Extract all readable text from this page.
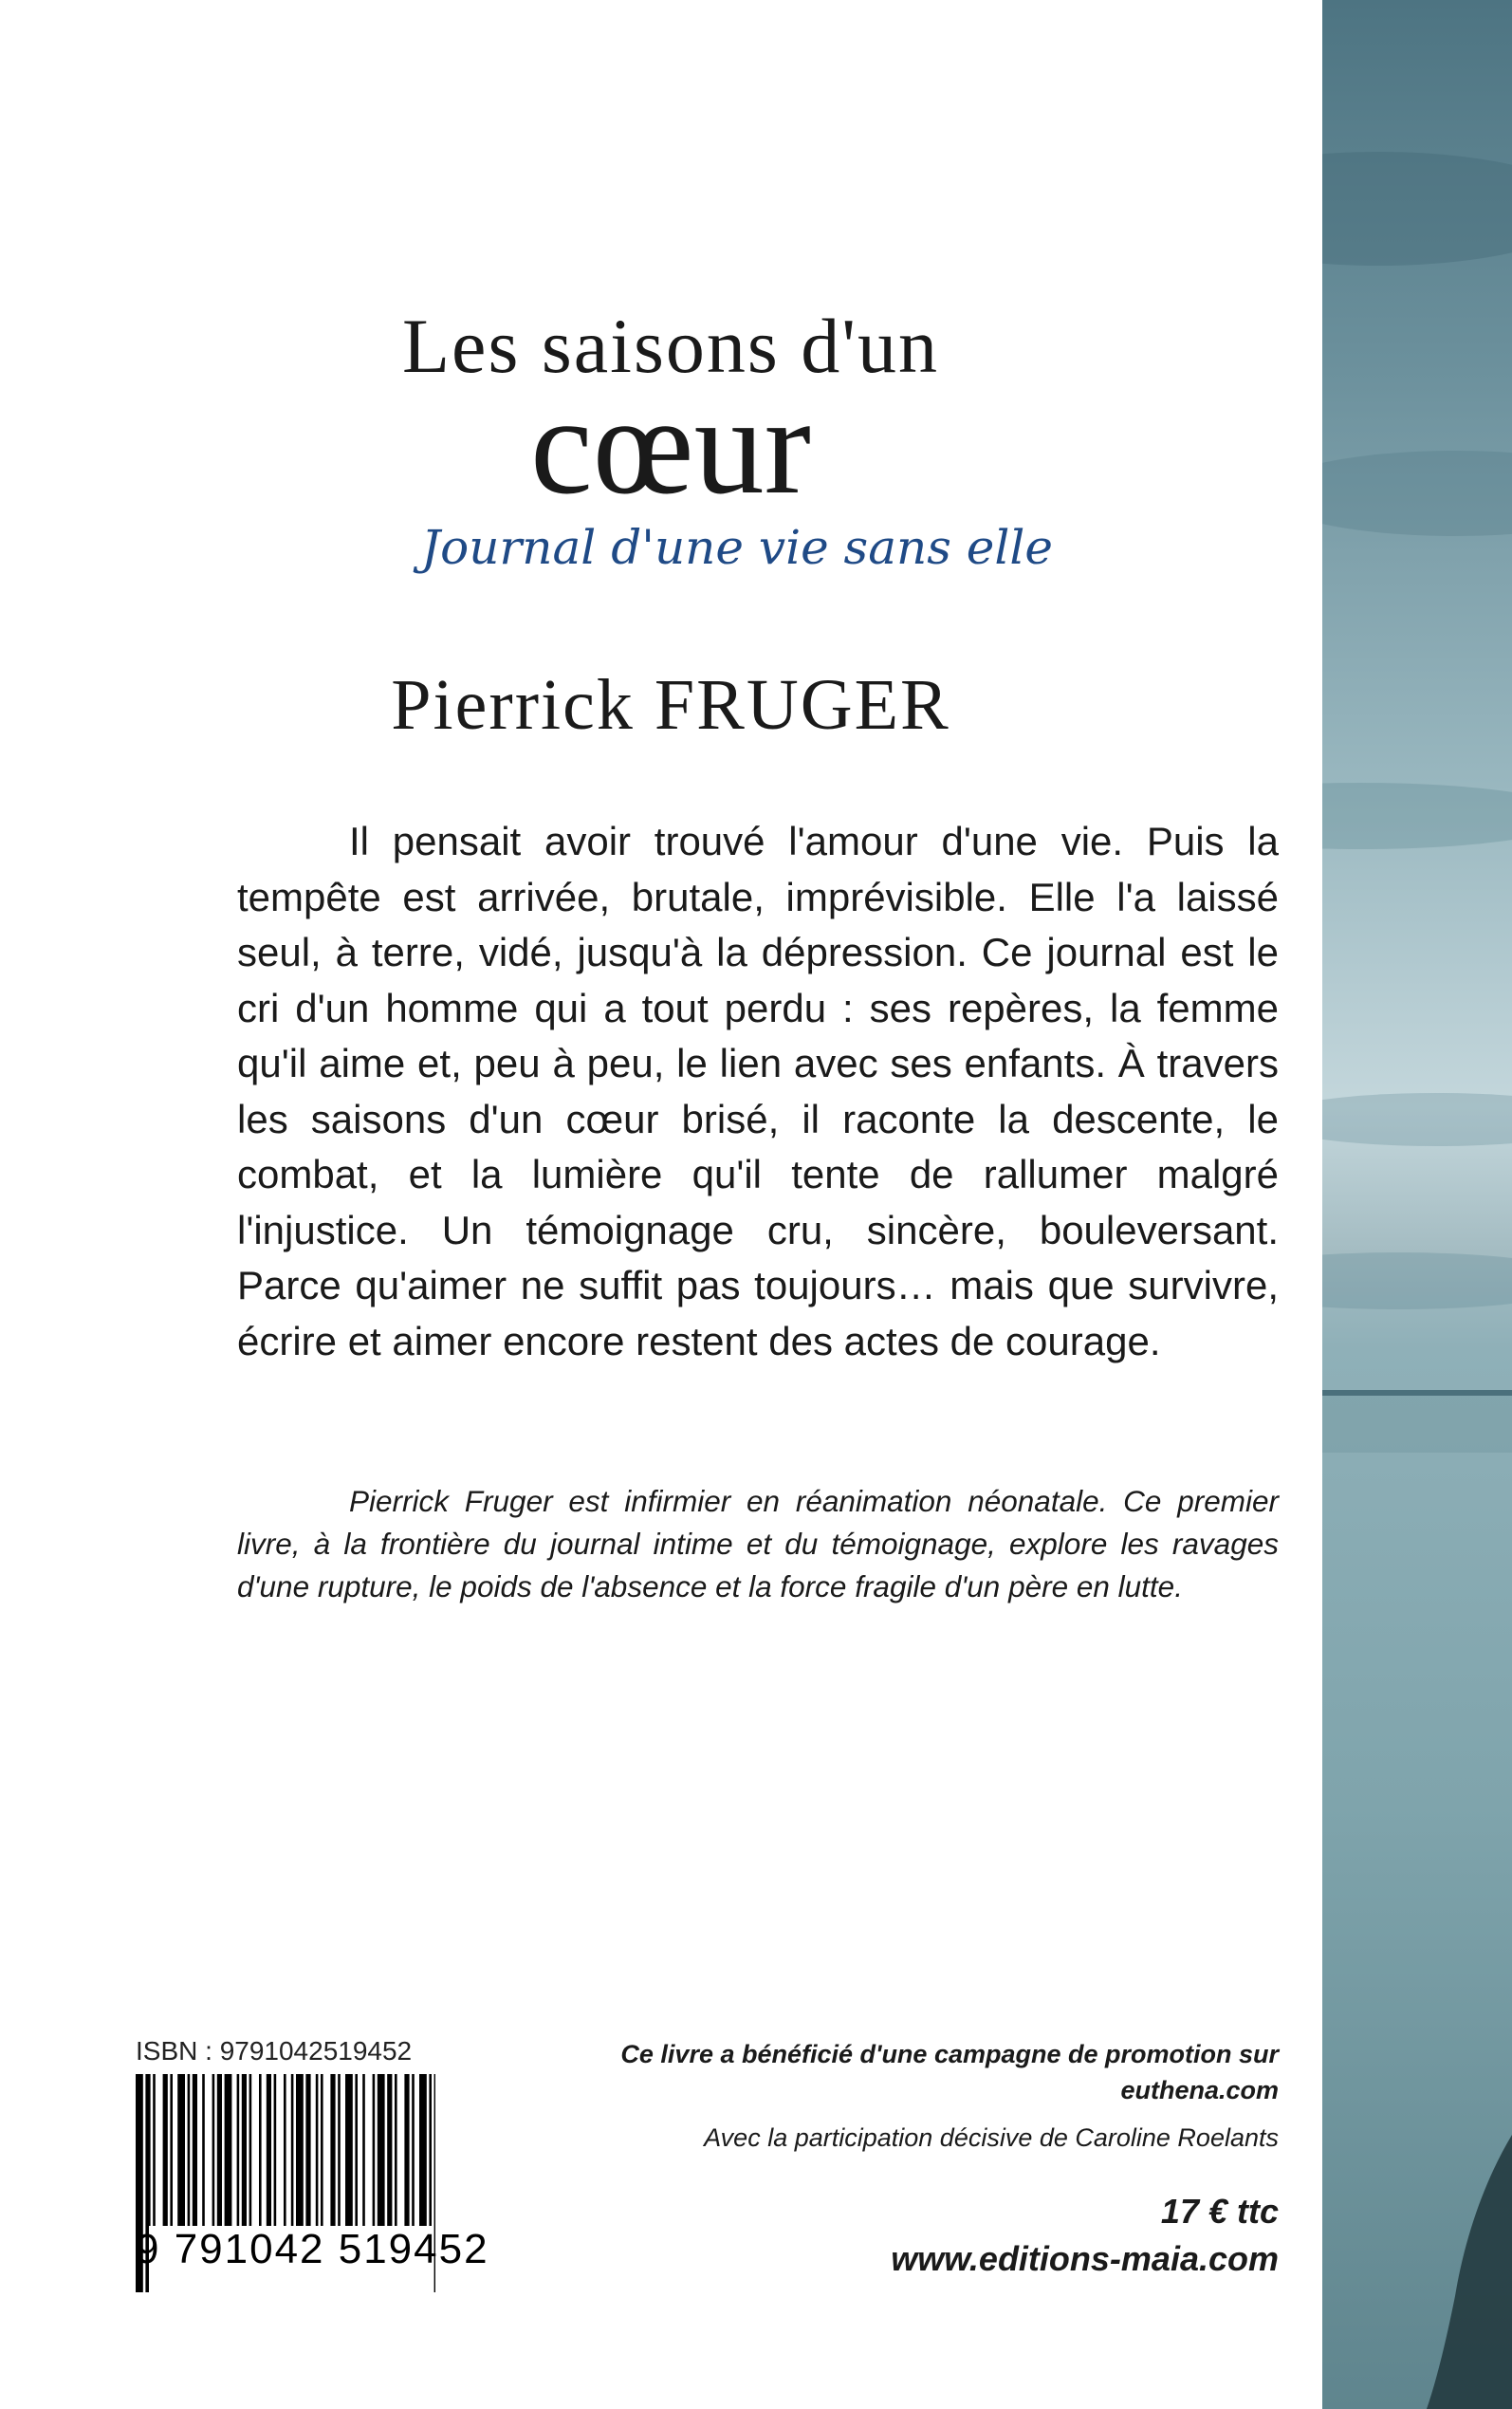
Les saisons d'un
cœur
Journal d'une vie sans elle
Pierrick FRUGER

Il pensait avoir trouvé l'amour d'une vie. Puis la tempête est arrivée, brutale, imprévisible. Elle l'a laissé seul, à terre, vidé, jusqu'à la dépression. Ce journal est le cri d'un homme qui a tout perdu : ses repères, la femme qu'il aime et, peu à peu, le lien avec ses enfants. À travers les saisons d'un cœur brisé, il raconte la descente, le combat, et la lumière qu'il tente de rallumer malgré l'injustice. Un témoignage cru, sincère, bouleversant. Parce qu'aimer ne suffit pas toujours… mais que survivre, écrire et aimer encore restent des actes de courage.

Pierrick Fruger est infirmier en réanimation néonatale. Ce premier livre, à la frontière du journal intime et du témoignage, explore les ravages d'une rupture, le poids de l'absence et la force fragile d'un père en lutte.

ISBN : 9791042519452
9 791042 519452
Ce livre a bénéficié d'une campagne de promotion sur euthena.com
Avec la participation décisive de Caroline Roelants
17 € ttc
www.editions-maia.com
